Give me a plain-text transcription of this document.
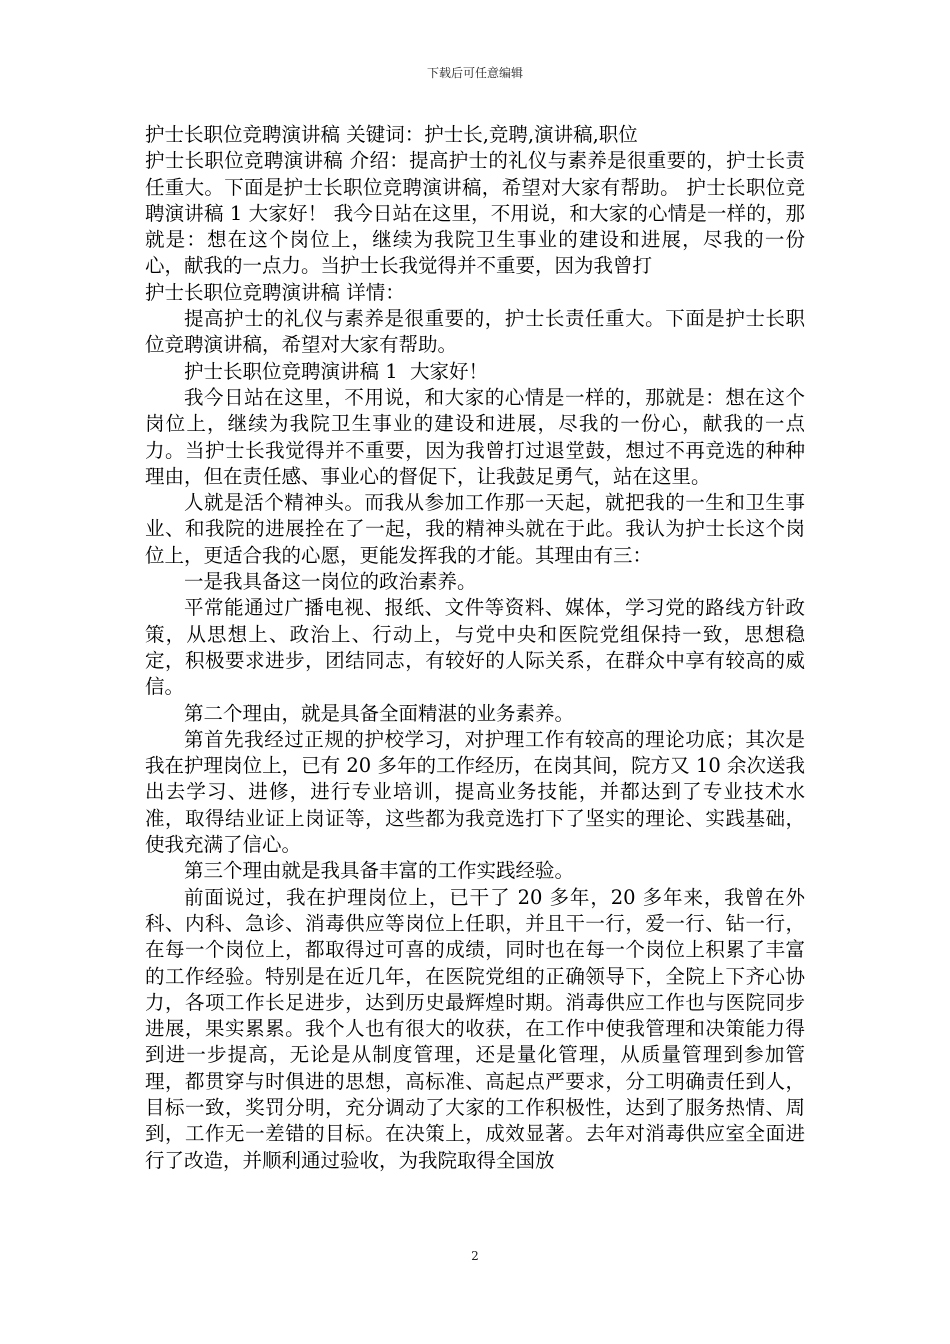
下载后可任意编辑

护士长职位竞聘演讲稿 关键词：护士长,竞聘,演讲稿,职位

护士长职位竞聘演讲稿 介绍：提高护士的礼仪与素养是很重要的，护士长责任重大。下面是护士长职位竞聘演讲稿，希望对大家有帮助。 护士长职位竞聘演讲稿 1 大家好！ 我今日站在这里，不用说，和大家的心情是一样的，那就是：想在这个岗位上，继续为我院卫生事业的建设和进展，尽我的一份心，献我的一点力。当护士长我觉得并不重要，因为我曾打

护士长职位竞聘演讲稿 详情：

提高护士的礼仪与素养是很重要的，护士长责任重大。下面是护士长职位竞聘演讲稿，希望对大家有帮助。

护士长职位竞聘演讲稿 1  大家好！

我今日站在这里，不用说，和大家的心情是一样的，那就是：想在这个岗位上，继续为我院卫生事业的建设和进展，尽我的一份心，献我的一点力。当护士长我觉得并不重要，因为我曾打过退堂鼓，想过不再竞选的种种理由，但在责任感、事业心的督促下，让我鼓足勇气，站在这里。

人就是活个精神头。而我从参加工作那一天起，就把我的一生和卫生事业、和我院的进展拴在了一起，我的精神头就在于此。我认为护士长这个岗位上，更适合我的心愿，更能发挥我的才能。其理由有三：

一是我具备这一岗位的政治素养。

平常能通过广播电视、报纸、文件等资料、媒体，学习党的路线方针政策，从思想上、政治上、行动上，与党中央和医院党组保持一致，思想稳定，积极要求进步，团结同志，有较好的人际关系，在群众中享有较高的威信。

第二个理由，就是具备全面精湛的业务素养。

第首先我经过正规的护校学习，对护理工作有较高的理论功底；其次是我在护理岗位上，已有 20 多年的工作经历，在岗其间，院方又 10 余次送我出去学习、进修，进行专业培训，提高业务技能，并都达到了专业技术水准，取得结业证上岗证等，这些都为我竞选打下了坚实的理论、实践基础，使我充满了信心。

第三个理由就是我具备丰富的工作实践经验。

前面说过，我在护理岗位上，已干了 20 多年，20 多年来，我曾在外科、内科、急诊、消毒供应等岗位上任职，并且干一行，爱一行、钻一行，在每一个岗位上，都取得过可喜的成绩，同时也在每一个岗位上积累了丰富的工作经验。特别是在近几年，在医院党组的正确领导下，全院上下齐心协力，各项工作长足进步，达到历史最辉煌时期。消毒供应工作也与医院同步进展，果实累累。我个人也有很大的收获，在工作中使我管理和决策能力得到进一步提高，无论是从制度管理，还是量化管理，从质量管理到参加管理，都贯穿与时俱进的思想，高标准、高起点严要求，分工明确责任到人，目标一致，奖罚分明，充分调动了大家的工作积极性，达到了服务热情、周到，工作无一差错的目标。在决策上，成效显著。去年对消毒供应室全面进行了改造，并顺利通过验收，为我院取得全国放

2
